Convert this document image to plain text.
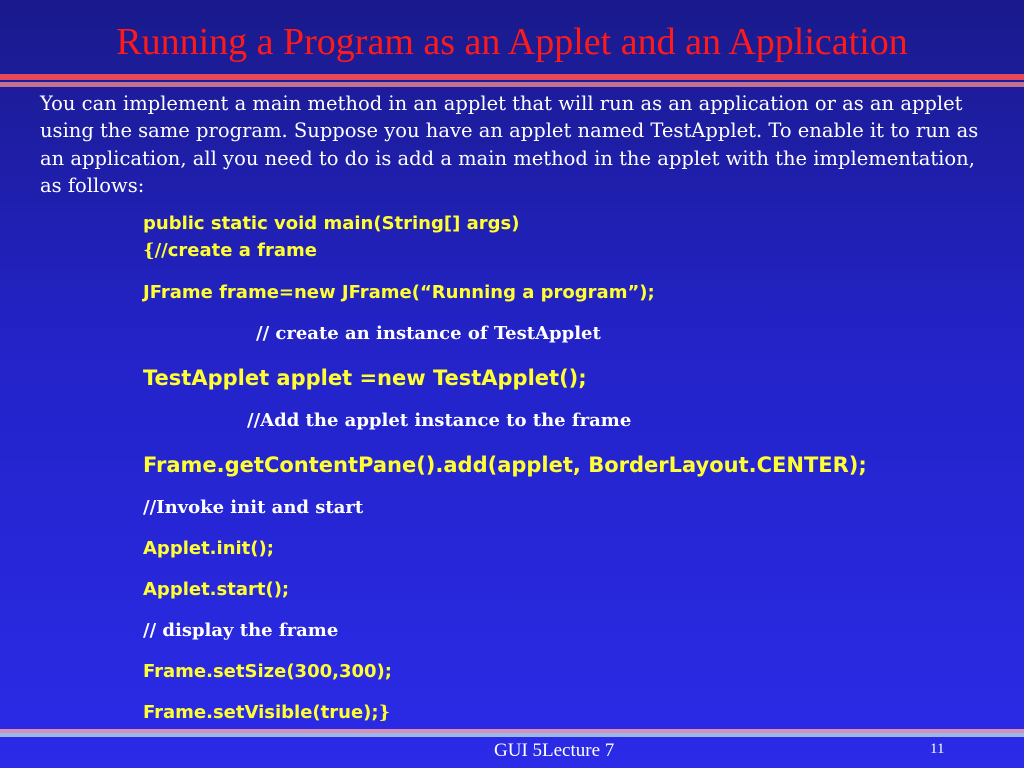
Running a Program as an Applet and an Application
You can implement a main method in an applet that will run as an application or as an applet using the same program. Suppose you have an applet named TestApplet. To enable it to run as an application, all you need to do is add a main method in the applet with the implementation, as follows:
public static void main(String[] args)
{//create a frame
JFrame frame=new JFrame(“Running a program”);
// create an instance of TestApplet
TestApplet applet =new TestApplet();
//Add the applet instance to the frame
Frame.getContentPane().add(applet, BorderLayout.CENTER);
//Invoke init and start
Applet.init();
Applet.start();
// display the frame
Frame.setSize(300,300);
Frame.setVisible(true);}
GUI 5Lecture 7	11
